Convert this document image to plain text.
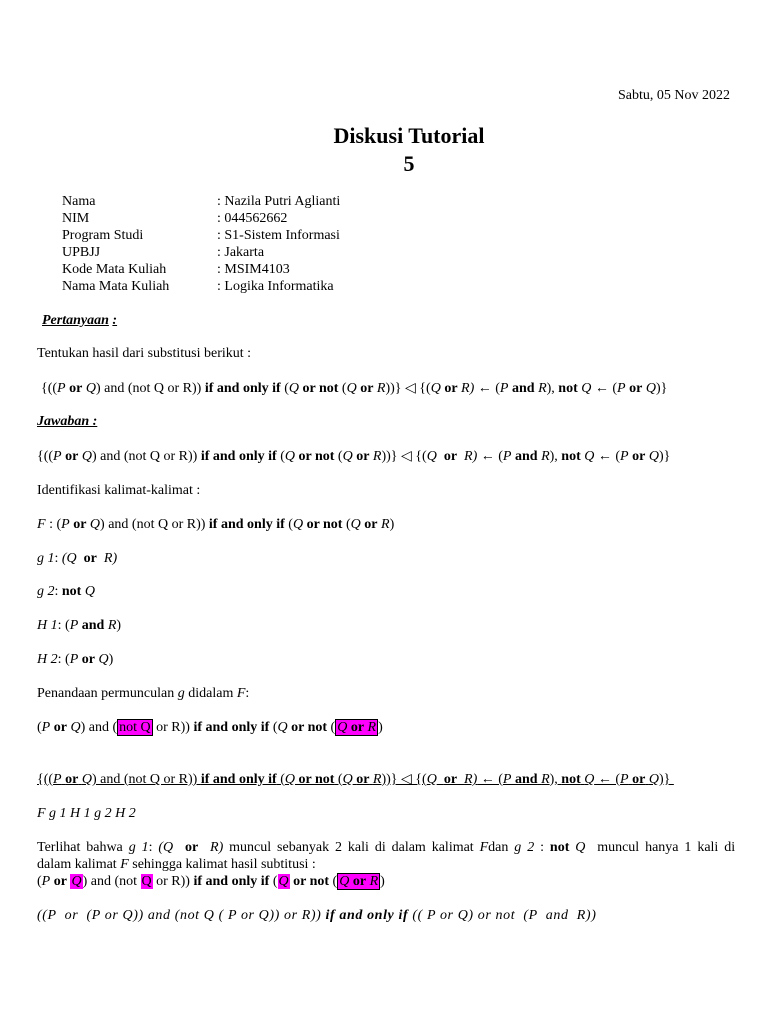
Sabtu, 05 Nov 2022
Diskusi Tutorial
5
Nama	: Nazila Putri Aglianti
NIM	: 044562662
Program Studi	: S1-Sistem Informasi
UPBJJ	: Jakarta
Kode Mata Kuliah	: MSIM4103
Nama Mata Kuliah	: Logika Informatika
Pertanyaan :
Tentukan hasil dari substitusi berikut :
{((P or Q) and (not Q or R)) if and only if (Q or not (Q or R))} ◁ {(Q or R) ← (P and R), not Q ← (P or Q)}
Jawaban :
{((P or Q) and (not Q or R)) if and only if (Q or not (Q or R))} ◁ {(Q or R) ← (P and R), not Q ← (P or Q)}
Identifikasi kalimat-kalimat :
F : (P or Q) and (not Q or R)) if and only if (Q or not (Q or R)
g 1: (Q or R)
g 2: not Q
H 1: (P and R)
H 2: (P or Q)
Penandaan permunculan g didalam F:
(P or Q) and ( not Q or R)) if and only if (Q or not ( Q or R )
{((P or Q) and (not Q or R)) if and only if (Q or not (Q or R))} ◁ {(Q or R) ← (P and R), not Q ← (P or Q)}
F g 1 H 1 g 2 H 2
Terlihat bahwa g 1: (Q or R) muncul sebanyak 2 kali di dalam kalimat Fdan g 2 : not Q muncul hanya 1 kali di
dalam kalimat F sehingga kalimat hasil subtitusi :
(P or Q) and (not Q or R)) if and only if (Q or not ( Q or R )
((P  or  (P or Q)) and (not Q ( P or Q)) or R)) if and only if (( P or Q) or not  (P  and  R))
